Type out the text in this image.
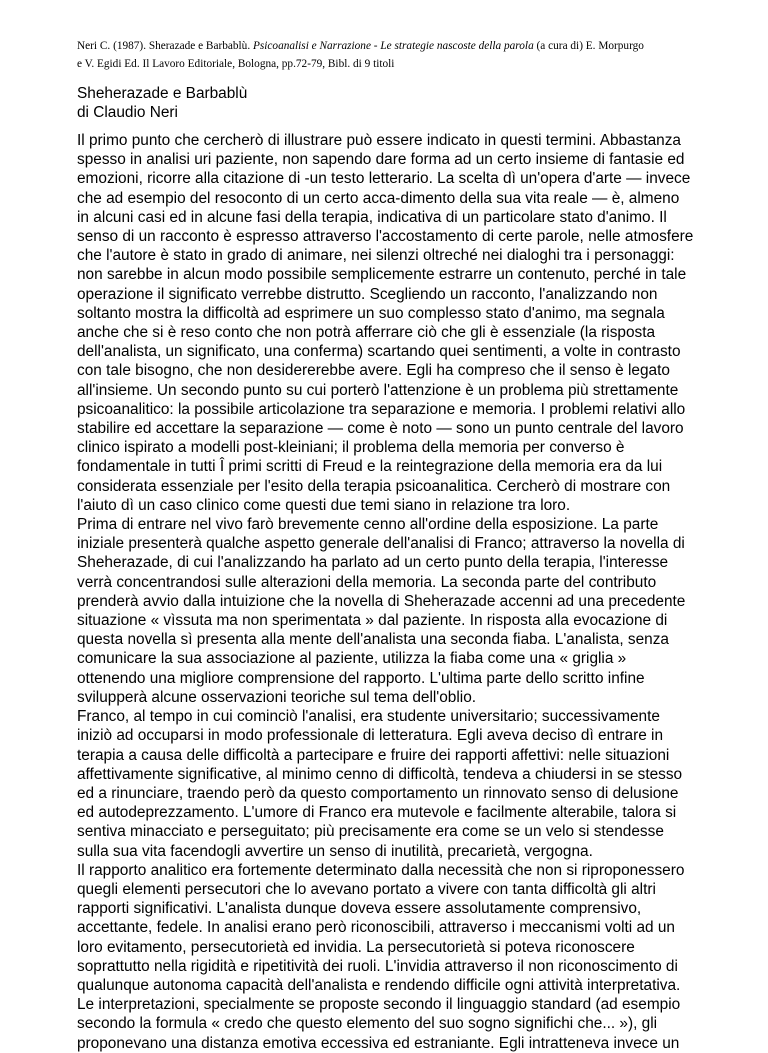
Neri C. (1987). Sherazade e Barbablù. Psicoanalisi e Narrazione - Le strategie nascoste della parola (a cura di) E. Morpurgo
e V. Egidi Ed. Il Lavoro Editoriale, Bologna, pp.72-79, Bibl. di 9 titoli
Sheherazade e Barbablù
di Claudio Neri
Il primo punto che cercherò di illustrare può essere indicato in questi termini. Abbastanza
spesso in analisi uri paziente, non sapendo dare forma ad un certo insieme di fantasie ed
emozioni, ricorre alla citazione di -un testo letterario. La scelta dì un'opera d'arte — invece
che ad esempio del resoconto di un certo acca-dimento della sua vita reale — è, almeno
in alcuni casi ed in alcune fasi della terapia, indicativa di un particolare stato d'animo. Il
senso di un racconto è espresso attraverso l'accostamento di certe parole, nelle atmosfere
che l'autore è stato in grado di animare, nei silenzi oltreché nei dialoghi tra i personaggi:
non sarebbe in alcun modo possibile semplicemente estrarre un contenuto, perché in tale
operazione il significato verrebbe distrutto. Scegliendo un racconto, l'analizzando non
soltanto mostra la difficoltà ad esprimere un suo complesso stato d'animo, ma segnala
anche che si è reso conto che non potrà afferrare ciò che gli è essenziale (la risposta
dell'analista, un significato, una conferma) scartando quei sentimenti, a volte in contrasto
con tale bisogno, che non desidererebbe avere. Egli ha compreso che il senso è legato
all'insieme. Un secondo punto su cui porterò l'attenzione è un problema più strettamente
psicoanalitico: la possibile articolazione tra separazione e memoria. I problemi relativi allo
stabilire ed accettare la separazione — come è noto — sono un punto centrale del lavoro
clinico ispirato a modelli post-kleiniani; il problema della memoria per converso è
fondamentale in tutti Î primi scritti di Freud e la reintegrazione della memoria era da lui
considerata essenziale per l'esito della terapia psicoanalitica. Cercherò di mostrare con
l'aiuto dì un caso clinico come questi due temi siano in relazione tra loro.
Prima di entrare nel vivo farò brevemente cenno all'ordine della esposizione. La parte
iniziale presenterà qualche aspetto generale dell'analisi di Franco; attraverso la novella di
Sheherazade, di cui l'analizzando ha parlato ad un certo punto della terapia, l'interesse
verrà concentrandosi sulle alterazioni della memoria. La seconda parte del contributo
prenderà avvio dalla intuizione che la novella di Sheherazade accenni ad una precedente
situazione « vìssuta ma non sperimentata » dal paziente. In risposta alla evocazione di
questa novella sì presenta alla mente dell'analista una seconda fiaba. L'analista, senza
comunicare la sua associazione al paziente, utilizza la fiaba come una « griglia »
ottenendo una migliore comprensione del rapporto. L'ultima parte dello scritto infine
svilupperà alcune osservazioni teoriche sul tema dell'oblio.
Franco, al tempo in cui cominciò l'analisi, era studente universitario; successivamente
iniziò ad occuparsi in modo professionale di letteratura. Egli aveva deciso dì entrare in
terapia a causa delle difficoltà a partecipare e fruire dei rapporti affettivi: nelle situazioni
affettivamente significative, al minimo cenno di difficoltà, tendeva a chiudersi in se stesso
ed a rinunciare, traendo però da questo comportamento un rinnovato senso di delusione
ed autodeprezzamento. L'umore di Franco era mutevole e facilmente alterabile, talora si
sentiva minacciato e perseguitato; più precisamente era come se un velo si stendesse
sulla sua vita facendogli avvertire un senso di inutilità, precarietà, vergogna.
Il rapporto analitico era fortemente determinato dalla necessità che non si riproponessero
quegli elementi persecutori che lo avevano portato a vivere con tanta difficoltà gli altri
rapporti significativi. L'analista dunque doveva essere assolutamente comprensivo,
accettante, fedele. In analisi erano però riconoscibili, attraverso i meccanismi volti ad un
loro evitamento, persecutorietà ed invidia. La persecutorietà si poteva riconoscere
soprattutto nella rigidità e ripetitività dei ruoli. L'invidia attraverso il non riconoscimento di
qualunque autonoma capacità dell'analista e rendendo difficile ogni attività interpretativa.
Le interpretazioni, specialmente se proposte secondo il linguaggio standard (ad esempio
secondo la formula « credo che questo elemento del suo sogno significhi che... »), gli
proponevano una distanza emotiva eccessiva ed estraniante. Egli intratteneva invece un
